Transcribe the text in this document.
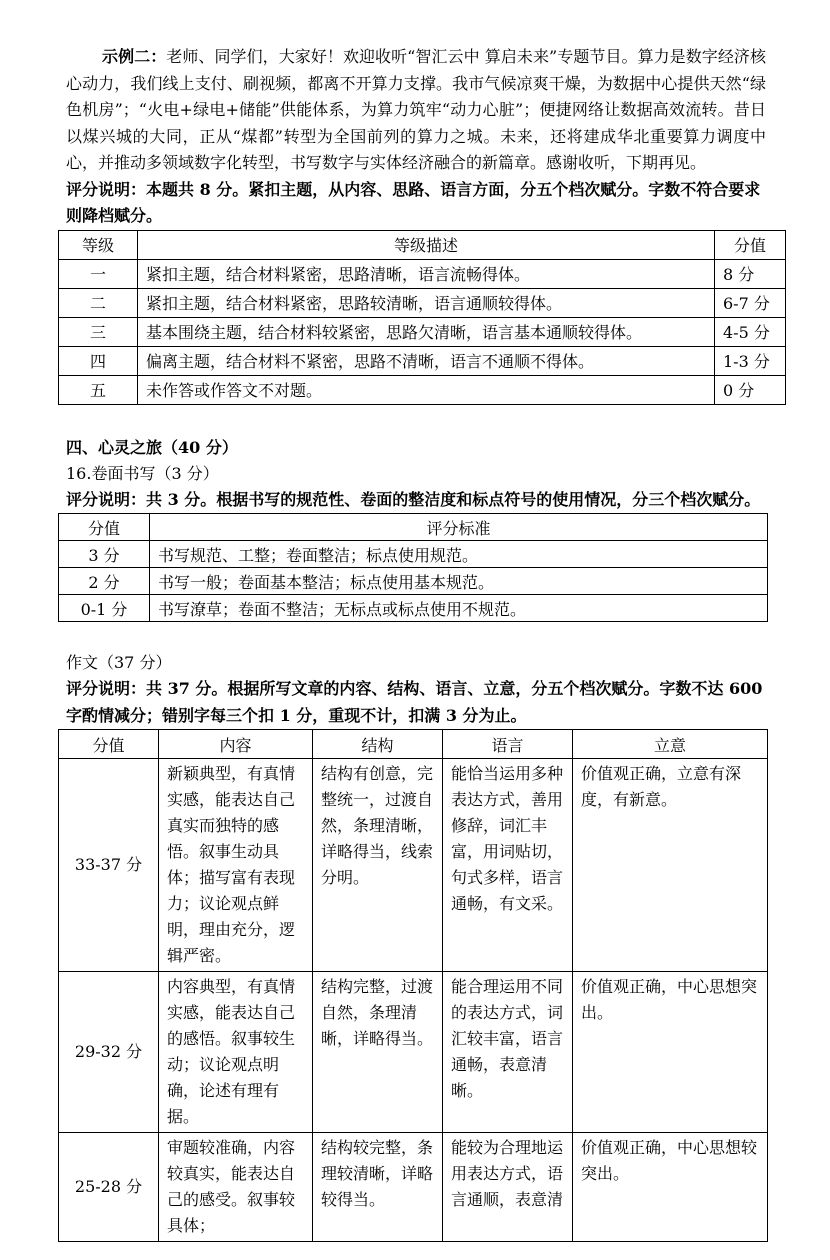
示例二：老师、同学们，大家好！欢迎收听“智汇云中 算启未来”专题节目。算力是数字经济核心动力，我们线上支付、刷视频，都离不开算力支撑。我市气候凉爽干燥，为数据中心提供天然“绿色机房”；“火电+绿电+储能”供能体系，为算力筑牢“动力心脏”；便捷网络让数据高效流转。昔日以煤兴城的大同，正从“煤都”转型为全国前列的算力之城。未来，还将建成华北重要算力调度中心，并推动多领域数字化转型，书写数字与实体经济融合的新篇章。感谢收听，下期再见。

评分说明：本题共 8 分。紧扣主题，从内容、思路、语言方面，分五个档次赋分。字数不符合要求则降档赋分。

等级	等级描述	分值
一	紧扣主题，结合材料紧密，思路清晰，语言流畅得体。	8 分
二	紧扣主题，结合材料紧密，思路较清晰，语言通顺较得体。	6-7 分
三	基本围绕主题，结合材料较紧密，思路欠清晰，语言基本通顺较得体。	4-5 分
四	偏离主题，结合材料不紧密，思路不清晰，语言不通顺不得体。	1-3 分
五	未作答或作答文不对题。	0 分

四、心灵之旅（40 分）

16.卷面书写（3 分）

评分说明：共 3 分。根据书写的规范性、卷面的整洁度和标点符号的使用情况，分三个档次赋分。

分值	评分标准
3 分	书写规范、工整；卷面整洁；标点使用规范。
2 分	书写一般；卷面基本整洁；标点使用基本规范。
0-1 分	书写潦草；卷面不整洁；无标点或标点使用不规范。

作文（37 分）

评分说明：共 37 分。根据所写文章的内容、结构、语言、立意，分五个档次赋分。字数不达 600 字酌情减分；错别字每三个扣 1 分，重现不计，扣满 3 分为止。

分值	内容	结构	语言	立意
33-37 分	新颖典型，有真情实感，能表达自己真实而独特的感悟。叙事生动具体；描写富有表现力；议论观点鲜明，理由充分，逻辑严密。	结构有创意，完整统一，过渡自然，条理清晰，详略得当，线索分明。	能恰当运用多种表达方式，善用修辞，词汇丰富，用词贴切，句式多样，语言通畅，有文采。	价值观正确，立意有深度，有新意。
29-32 分	内容典型，有真情实感，能表达自己的感悟。叙事较生动；议论观点明确，论述有理有据。	结构完整，过渡自然，条理清晰，详略得当。	能合理运用不同的表达方式，词汇较丰富，语言通畅，表意清晰。	价值观正确，中心思想突出。
25-28 分	审题较准确，内容较真实，能表达自己的感受。叙事较具体；	结构较完整，条理较清晰，详略较得当。	能较为合理地运用表达方式，语言通顺，表意清	价值观正确，中心思想较突出。
